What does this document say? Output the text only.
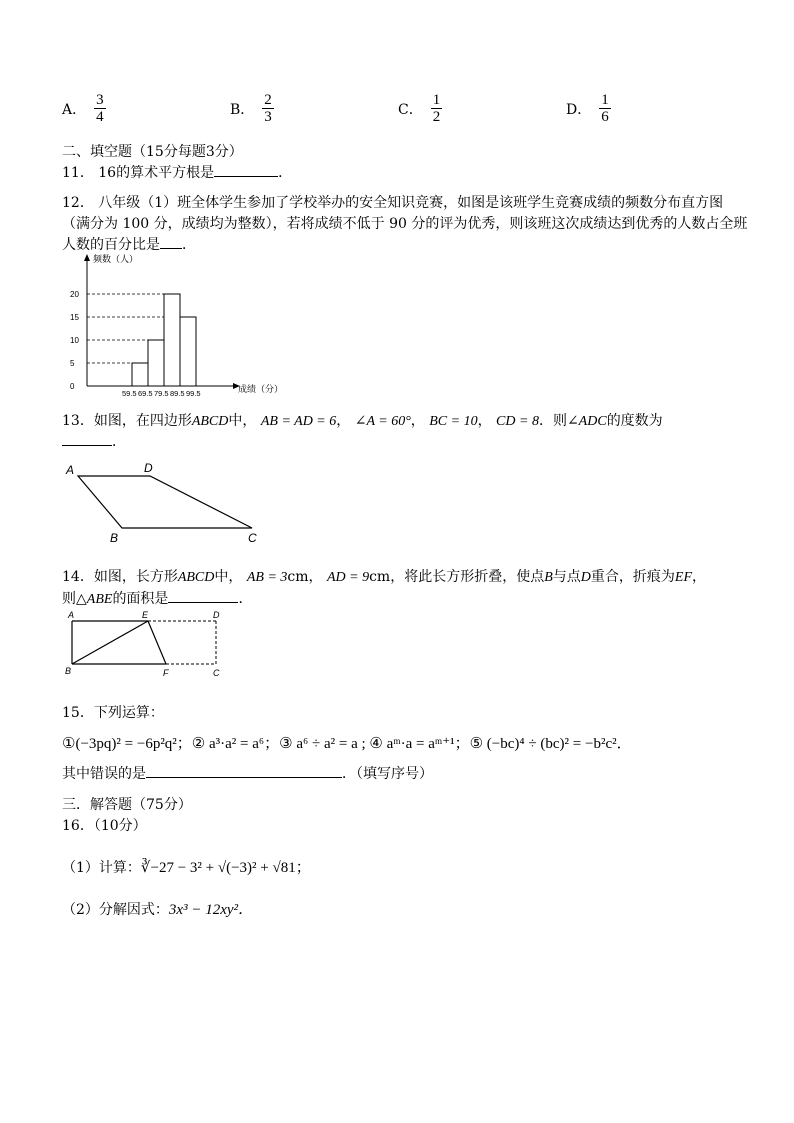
A． $\frac{3}{4}$	B． $\frac{2}{3}$	C． $\frac{1}{2}$	D． $\frac{1}{6}$
二、填空题（15分每题3分）
11． 16的算术平方根是	．
12． 八年级（1）班全体学生参加了学校举办的安全知识竞赛，如图是该班学生竞赛成绩的频数分布直方图
（满分为 100 分，成绩均为整数），若将成绩不低于 90 分的评为优秀，则该班这次成绩达到优秀的人数占全班
人数的百分比是 ．
频数（人）
成绩（分）
0
5
10
15
20
59.5 69.5 79.5 89.5 99.5
13．如图，在四边形ABCD中， AB = AD = 6， ∠A = 60°， BC = 10， CD = 8．则∠ADC的度数为
．
A	D
C
B
14．如图，长方形ABCD中， AB = 3cm， AD = 9cm，将此长方形折叠，使点B与点D重合，折痕为EF，
则△ABE的面积是	．
A	E	D
B	F	C
15．下列运算：
①(−3pq)² = −6p²q²；② a³·a² = a⁶；③ a⁶ ÷ a² = a ; ④ aᵐ·a = aᵐ⁺¹；⑤ (−bc)⁴ ÷ (bc)² = −b²c²．
其中错误的是	．（填写序号）
三．解答题（75分）
16．（10分）
（1）计算：∛−27 − 3² + √(−3)² + √81；
（2）分解因式：3x³ − 12xy²．
